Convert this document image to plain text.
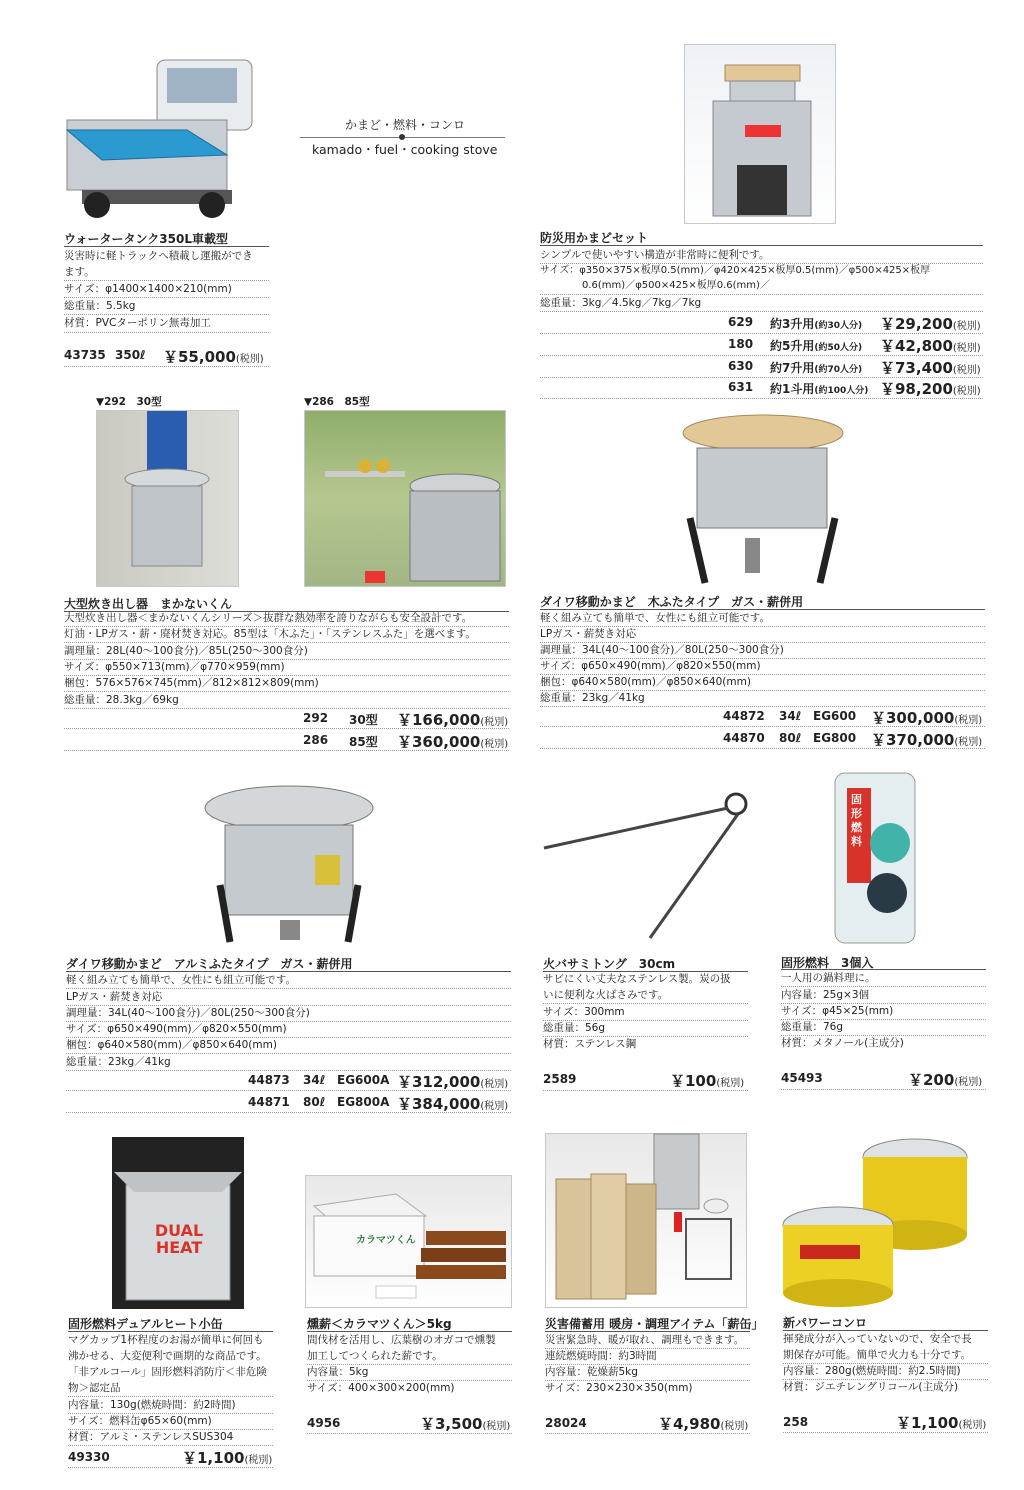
かまど・燃料・コンロ
kamado・fuel・cooking stove
ウォータータンク350L車載型
災害時に軽トラックへ積載し運搬ができ
ます。
サイズ：φ1400×1400×210(mm)
総重量：5.5kg
材質：PVCターポリン無毒加工
43735 350ℓ ￥55,000(税別)
防災用かまどセット
シンプルで使いやすい構造が非常時に便利です。
サイズ：φ350×375×板厚0.5(mm)／φ420×425×板厚0.5(mm)／φ500×425×板厚
0.6(mm)／φ500×425×板厚0.6(mm)／
総重量：3kg／4.5kg／7kg／7kg
629 約3升用(約30人分) ￥29,200(税別)
180 約5升用(約50人分) ￥42,800(税別)
630 約7升用(約70人分) ￥73,400(税別)
631 約1斗用(約100人分) ￥98,200(税別)
▼292　30型	▼286　85型
大型炊き出し器　まかないくん
大型炊き出し器＜まかないくんシリーズ＞抜群な熱効率を誇りながらも安全設計です。
灯油・LPガス・薪・廃材焚き対応。85型は「木ふた」・「ステンレスふた」を選べます。
調理量：28L(40〜100食分)／85L(250〜300食分)
サイズ：φ550×713(mm)／φ770×959(mm)
梱包：576×576×745(mm)／812×812×809(mm)
総重量：28.3kg／69kg
292 30型 ￥166,000(税別)
286 85型 ￥360,000(税別)
ダイワ移動かまど　木ふたタイプ　ガス・薪併用
軽く組み立ても簡単で、女性にも組立可能です。
LPガス・薪焚き対応
調理量：34L(40〜100食分)／80L(250〜300食分)
サイズ：φ650×490(mm)／φ820×550(mm)
梱包：φ640×580(mm)／φ850×640(mm)
総重量：23kg／41kg
44872 34ℓ EG600 ￥300,000(税別)
44870 80ℓ EG800 ￥370,000(税別)
ダイワ移動かまど　アルミふたタイプ　ガス・薪併用
軽く組み立ても簡単で、女性にも組立可能です。
LPガス・薪焚き対応
調理量：34L(40〜100食分)／80L(250〜300食分)
サイズ：φ650×490(mm)／φ820×550(mm)
梱包：φ640×580(mm)／φ850×640(mm)
総重量：23kg／41kg
44873 34ℓ EG600A ￥312,000(税別)
44871 80ℓ EG800A ￥384,000(税別)
火バサミトング　30cm
サビにくい丈夫なステンレス製。炭の扱
いに便利な火ばさみです。
サイズ：300mm
総重量：56g
材質：ステンレス鋼
2589	￥100(税別)
固形燃料
固形燃料　3個入
一人用の鍋料理に。
内容量：25g×3個
サイズ：φ45×25(mm)
総重量：76g
材質：メタノール(主成分)
45493	￥200(税別)
DUAL HEAT
固形燃料デュアルヒート小缶
マグカップ1杯程度のお湯が簡単に何回も
沸かせる、大変便利で画期的な商品です。
「非アルコール」固形燃料消防庁＜非危険
物＞認定品
内容量：130g(燃焼時間：約2時間)
サイズ：燃料缶φ65×60(mm)
材質：アルミ・ステンレスSUS304
49330	￥1,100(税別)
カラマツくん
燻薪＜カラマツくん＞5kg
間伐材を活用し、広葉樹のオガコで燻製
加工してつくられた薪です。
内容量：5kg
サイズ：400×300×200(mm)
4956	￥3,500(税別)
災害備蓄用 暖房・調理アイテム「薪缶」
災害緊急時、暖が取れ、調理もできます。
連続燃焼時間：約3時間
内容量：乾燥薪5kg
サイズ：230×230×350(mm)
28024	￥4,980(税別)
新パワーコンロ
揮発成分が入っていないので、安全で長
期保存が可能。簡単で火力も十分です。
内容量：280g(燃焼時間：約2.5時間)
材質：ジエチレングリコール(主成分)
258	￥1,100(税別)
